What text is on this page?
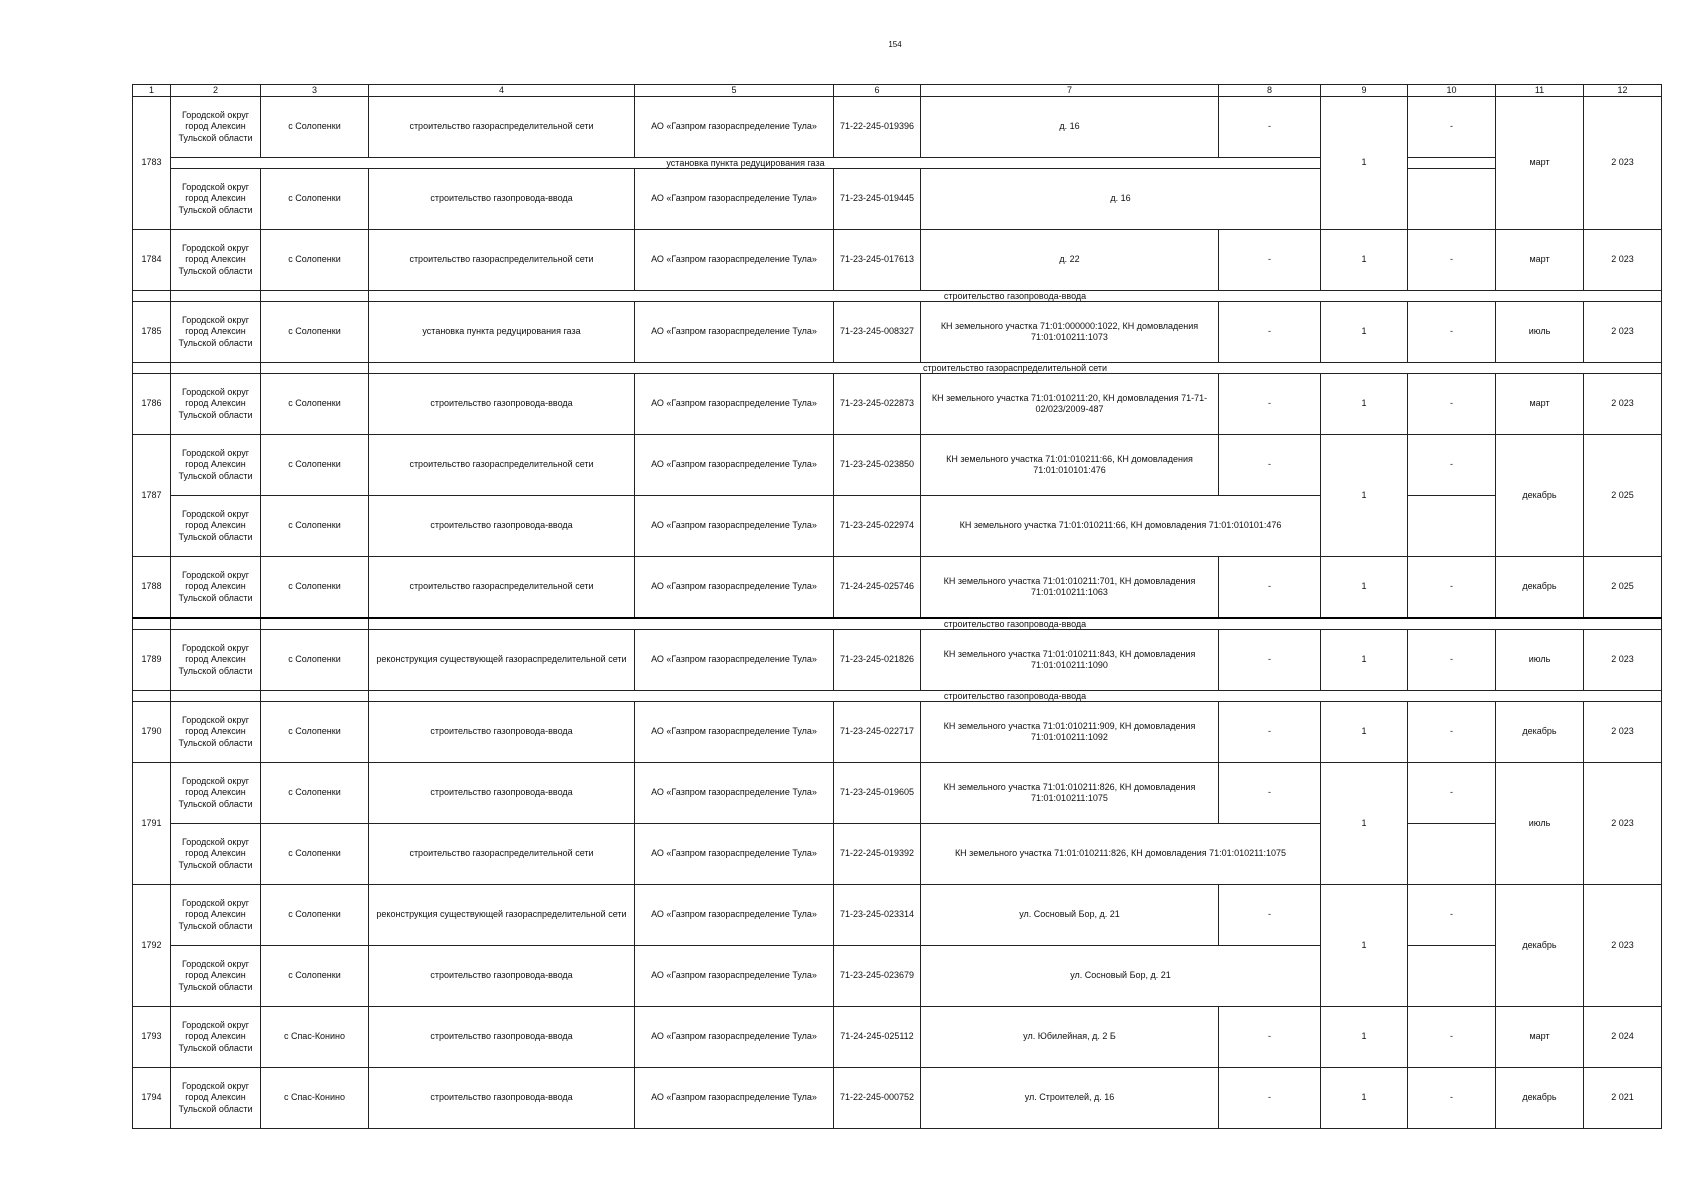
154
1	2	3	4	5	6	7	8	9	10	11	12
1783	Городской округ город Алексин Тульской области	с Солопенки	строительство газораспределительной сети	АО «Газпром газораспределение Тула»	71-22-245-019396	д. 16	-	1	-	март	2 023
	установка пункта редуцирования газа										
	Городской округ город Алексин Тульской области	с Солопенки	строительство газопровода-ввода	АО «Газпром газораспределение Тула»	71-23-245-019445	д. 16					
1784	Городской округ город Алексин Тульской области	с Солопенки	строительство газораспределительной сети	АО «Газпром газораспределение Тула»	71-23-245-017613	д. 22	-	1	-	март	2 023
			строительство газопровода-ввода								
1785	Городской округ город Алексин Тульской области	с Солопенки	установка пункта редуцирования газа	АО «Газпром газораспределение Тула»	71-23-245-008327	КН земельного участка 71:01:000000:1022, КН домовладения 71:01:010211:1073	-	1	-	июль	2 023
			строительство газораспределительной сети								
1786	Городской округ город Алексин Тульской области	с Солопенки	строительство газопровода-ввода	АО «Газпром газораспределение Тула»	71-23-245-022873	КН земельного участка 71:01:010211:20, КН домовладения 71-71-02/023/2009-487	-	1	-	март	2 023
1787	Городской округ город Алексин Тульской области	с Солопенки	строительство газораспределительной сети	АО «Газпром газораспределение Тула»	71-23-245-023850	КН земельного участка 71:01:010211:66, КН домовладения 71:01:010101:476	-	1	-	декабрь	2 025
	Городской округ город Алексин Тульской области	с Солопенки	строительство газопровода-ввода	АО «Газпром газораспределение Тула»	71-23-245-022974	КН земельного участка 71:01:010211:66, КН домовладения 71:01:010101:476					
1788	Городской округ город Алексин Тульской области	с Солопенки	строительство газораспределительной сети	АО «Газпром газораспределение Тула»	71-24-245-025746	КН земельного участка 71:01:010211:701, КН домовладения 71:01:010211:1063	-	1	-	декабрь	2 025
			строительство газопровода-ввода								
1789	Городской округ город Алексин Тульской области	с Солопенки	реконструкция существующей газораспределительной сети	АО «Газпром газораспределение Тула»	71-23-245-021826	КН земельного участка 71:01:010211:843, КН домовладения 71:01:010211:1090	-	1	-	июль	2 023
			строительство газопровода-ввода								
1790	Городской округ город Алексин Тульской области	с Солопенки	строительство газопровода-ввода	АО «Газпром газораспределение Тула»	71-23-245-022717	КН земельного участка 71:01:010211:909, КН домовладения 71:01:010211:1092	-	1	-	декабрь	2 023
1791	Городской округ город Алексин Тульской области	с Солопенки	строительство газопровода-ввода	АО «Газпром газораспределение Тула»	71-23-245-019605	КН земельного участка 71:01:010211:826, КН домовладения 71:01:010211:1075	-	1	-	июль	2 023
	Городской округ город Алексин Тульской области	с Солопенки	строительство газораспределительной сети	АО «Газпром газораспределение Тула»	71-22-245-019392	КН земельного участка 71:01:010211:826, КН домовладения 71:01:010211:1075					
1792	Городской округ город Алексин Тульской области	с Солопенки	реконструкция существующей газораспределительной сети	АО «Газпром газораспределение Тула»	71-23-245-023314	ул. Сосновый Бор, д. 21	-	1	-	декабрь	2 023
	Городской округ город Алексин Тульской области	с Солопенки	строительство газопровода-ввода	АО «Газпром газораспределение Тула»	71-23-245-023679	ул. Сосновый Бор, д. 21					
1793	Городской округ город Алексин Тульской области	с Спас-Конино	строительство газопровода-ввода	АО «Газпром газораспределение Тула»	71-24-245-025112	ул. Юбилейная, д. 2 Б	-	1	-	март	2 024
1794	Городской округ город Алексин Тульской области	с Спас-Конино	строительство газопровода-ввода	АО «Газпром газораспределение Тула»	71-22-245-000752	ул. Строителей, д. 16	-	1	-	декабрь	2 021
